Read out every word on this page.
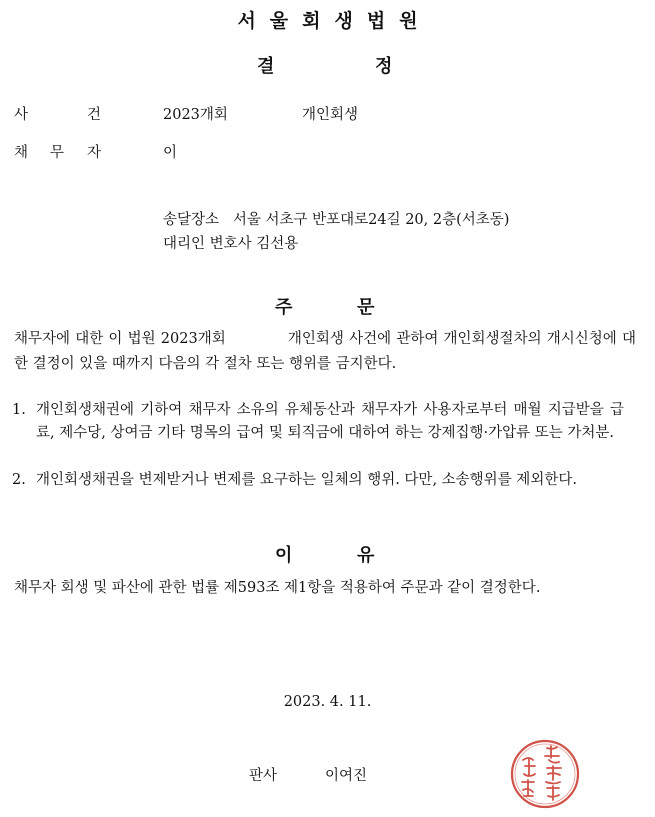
서울회생법원
결	정
사	건	2023개회	개인회생
채 무 자	이
송달장소 서울 서초구 반포대로24길 20, 2층(서초동)
대리인 변호사 김선용
주	문
채무자에 대한 이 법원 2023개회            개인회생 사건에 관하여 개인회생절차의 개시신청에 대한 결정이 있을 때까지 다음의 각 절차 또는 행위를 금지한다.
1. 개인회생채권에 기하여 채무자 소유의 유체동산과 채무자가 사용자로부터 매월 지급받을 급료, 제수당, 상여금 기타 명목의 급여 및 퇴직금에 대하여 하는 강제집행·가압류 또는 가처분.
2. 개인회생채권을 변제받거나 변제를 요구하는 일체의 행위. 다만, 소송행위를 제외한다.
이	유
채무자 회생 및 파산에 관한 법률 제593조 제1항을 적용하여 주문과 같이 결정한다.
2023. 4. 11.
판사	이여진
